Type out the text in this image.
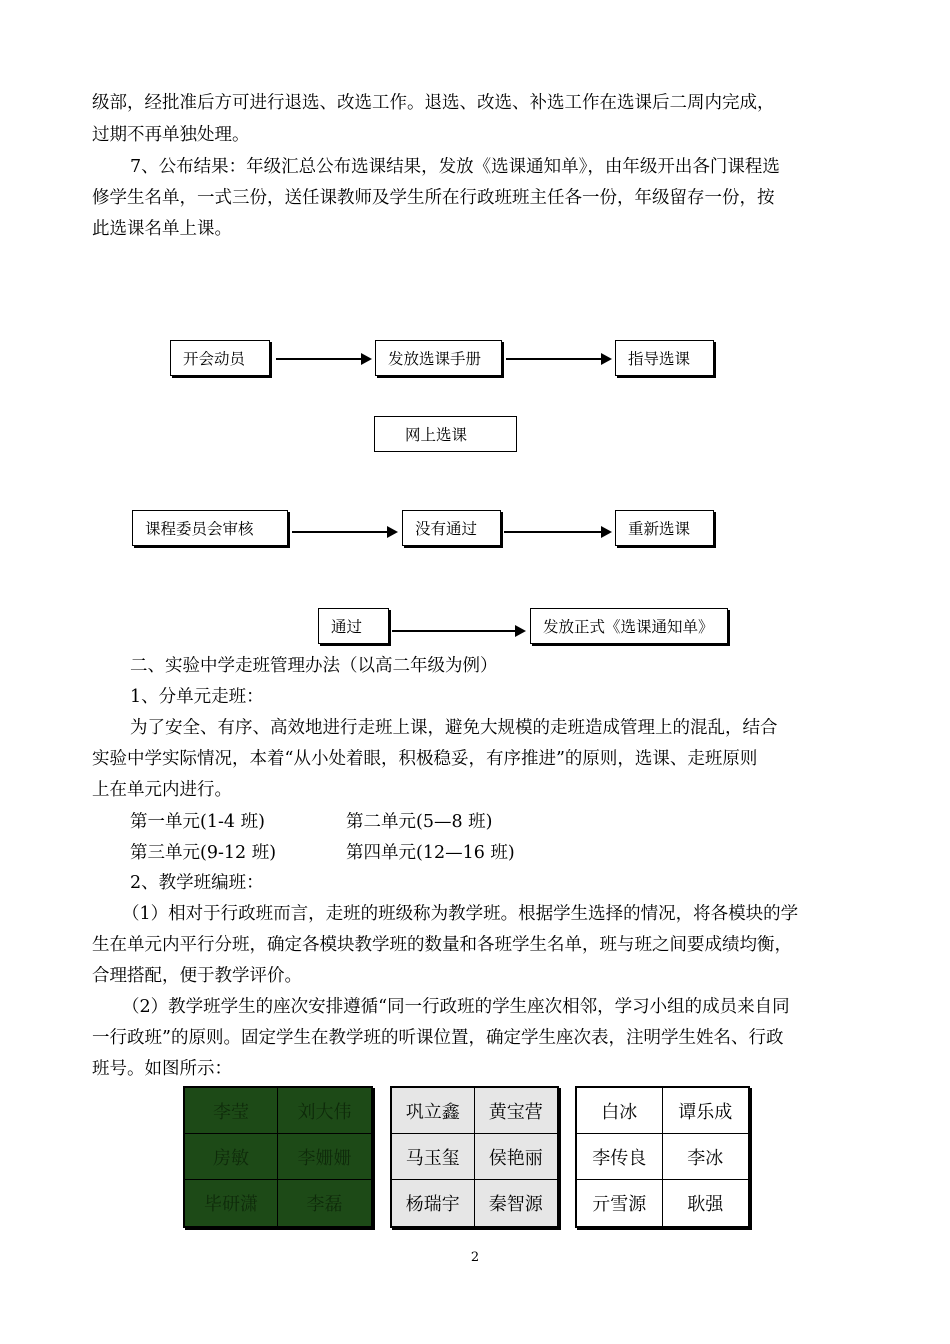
级部，经批准后方可进行退选、改选工作。退选、改选、补选工作在选课后二周内完成，
过期不再单独处理。
7、公布结果：年级汇总公布选课结果，发放《选课通知单》，由年级开出各门课程选
修学生名单，一式三份，送任课教师及学生所在行政班班主任各一份，年级留存一份，按
此选课名单上课。
开会动员	发放选课手册	指导选课
网上选课
课程委员会审核	没有通过	重新选课
通过	发放正式《选课通知单》
二、实验中学走班管理办法（以高二年级为例）
1、分单元走班：
为了安全、有序、高效地进行走班上课，避免大规模的走班造成管理上的混乱，结合
实验中学实际情况，本着“从小处着眼，积极稳妥，有序推进”的原则，选课、走班原则
上在单元内进行。
第一单元(1-4 班)	第二单元(5—8 班)
第三单元(9-12 班)	第四单元(12—16 班)
2、教学班编班：
（1）相对于行政班而言，走班的班级称为教学班。根据学生选择的情况，将各模块的学
生在单元内平行分班，确定各模块教学班的数量和各班学生名单，班与班之间要成绩均衡，
合理搭配，便于教学评价。
（2）教学班学生的座次安排遵循“同一行政班的学生座次相邻，学习小组的成员来自同
一行政班”的原则。固定学生在教学班的听课位置，确定学生座次表，注明学生姓名、行政
班号。如图所示：
李莹	刘大伟
房敏	李姗姗
毕研潇	李磊
巩立鑫	黄宝营
马玉玺	侯艳丽
杨瑞宇	秦智源
白冰	谭乐成
李传良	李冰
亓雪源	耿强
2
